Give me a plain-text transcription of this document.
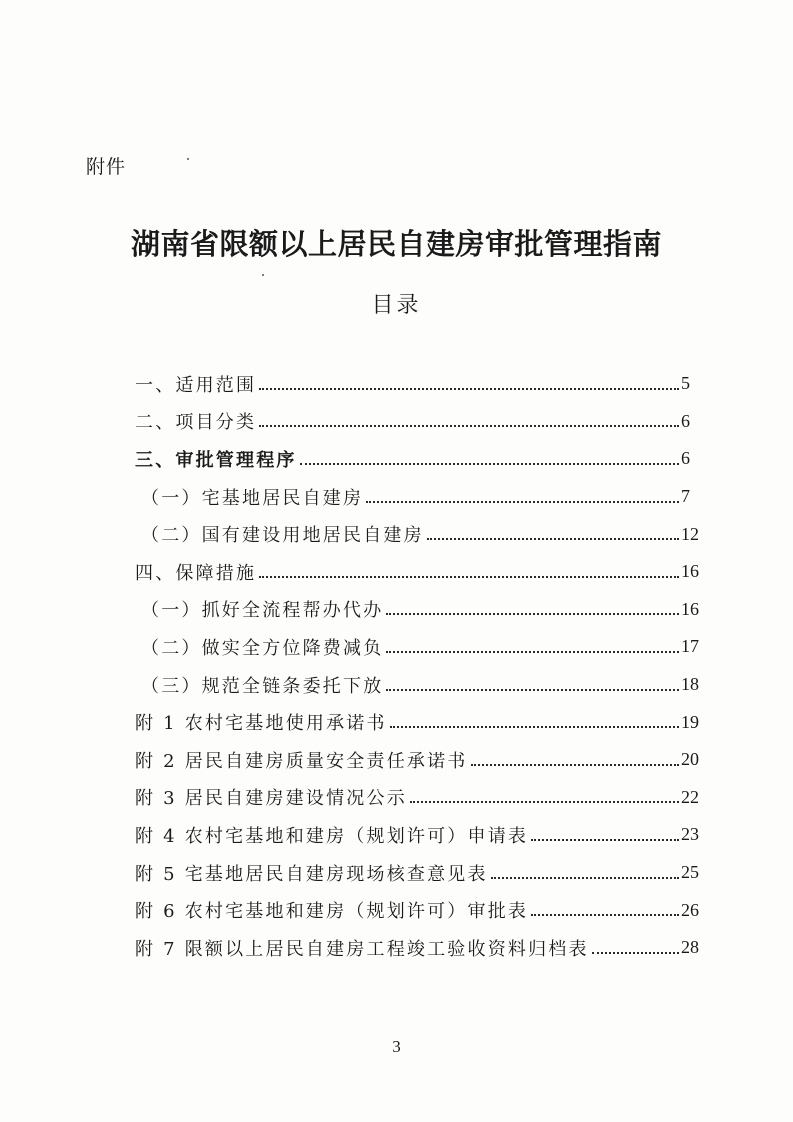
附件
湖南省限额以上居民自建房审批管理指南
目录
一、适用范围	5
二、项目分类	6
三、审批管理程序	6
（一）宅基地居民自建房	7
（二）国有建设用地居民自建房	12
四、保障措施	16
（一）抓好全流程帮办代办	16
（二）做实全方位降费减负	17
（三）规范全链条委托下放	18
附 1 农村宅基地使用承诺书	19
附 2 居民自建房质量安全责任承诺书	20
附 3 居民自建房建设情况公示	22
附 4 农村宅基地和建房（规划许可）申请表	23
附 5 宅基地居民自建房现场核查意见表	25
附 6 农村宅基地和建房（规划许可）审批表	26
附 7 限额以上居民自建房工程竣工验收资料归档表	28
3
